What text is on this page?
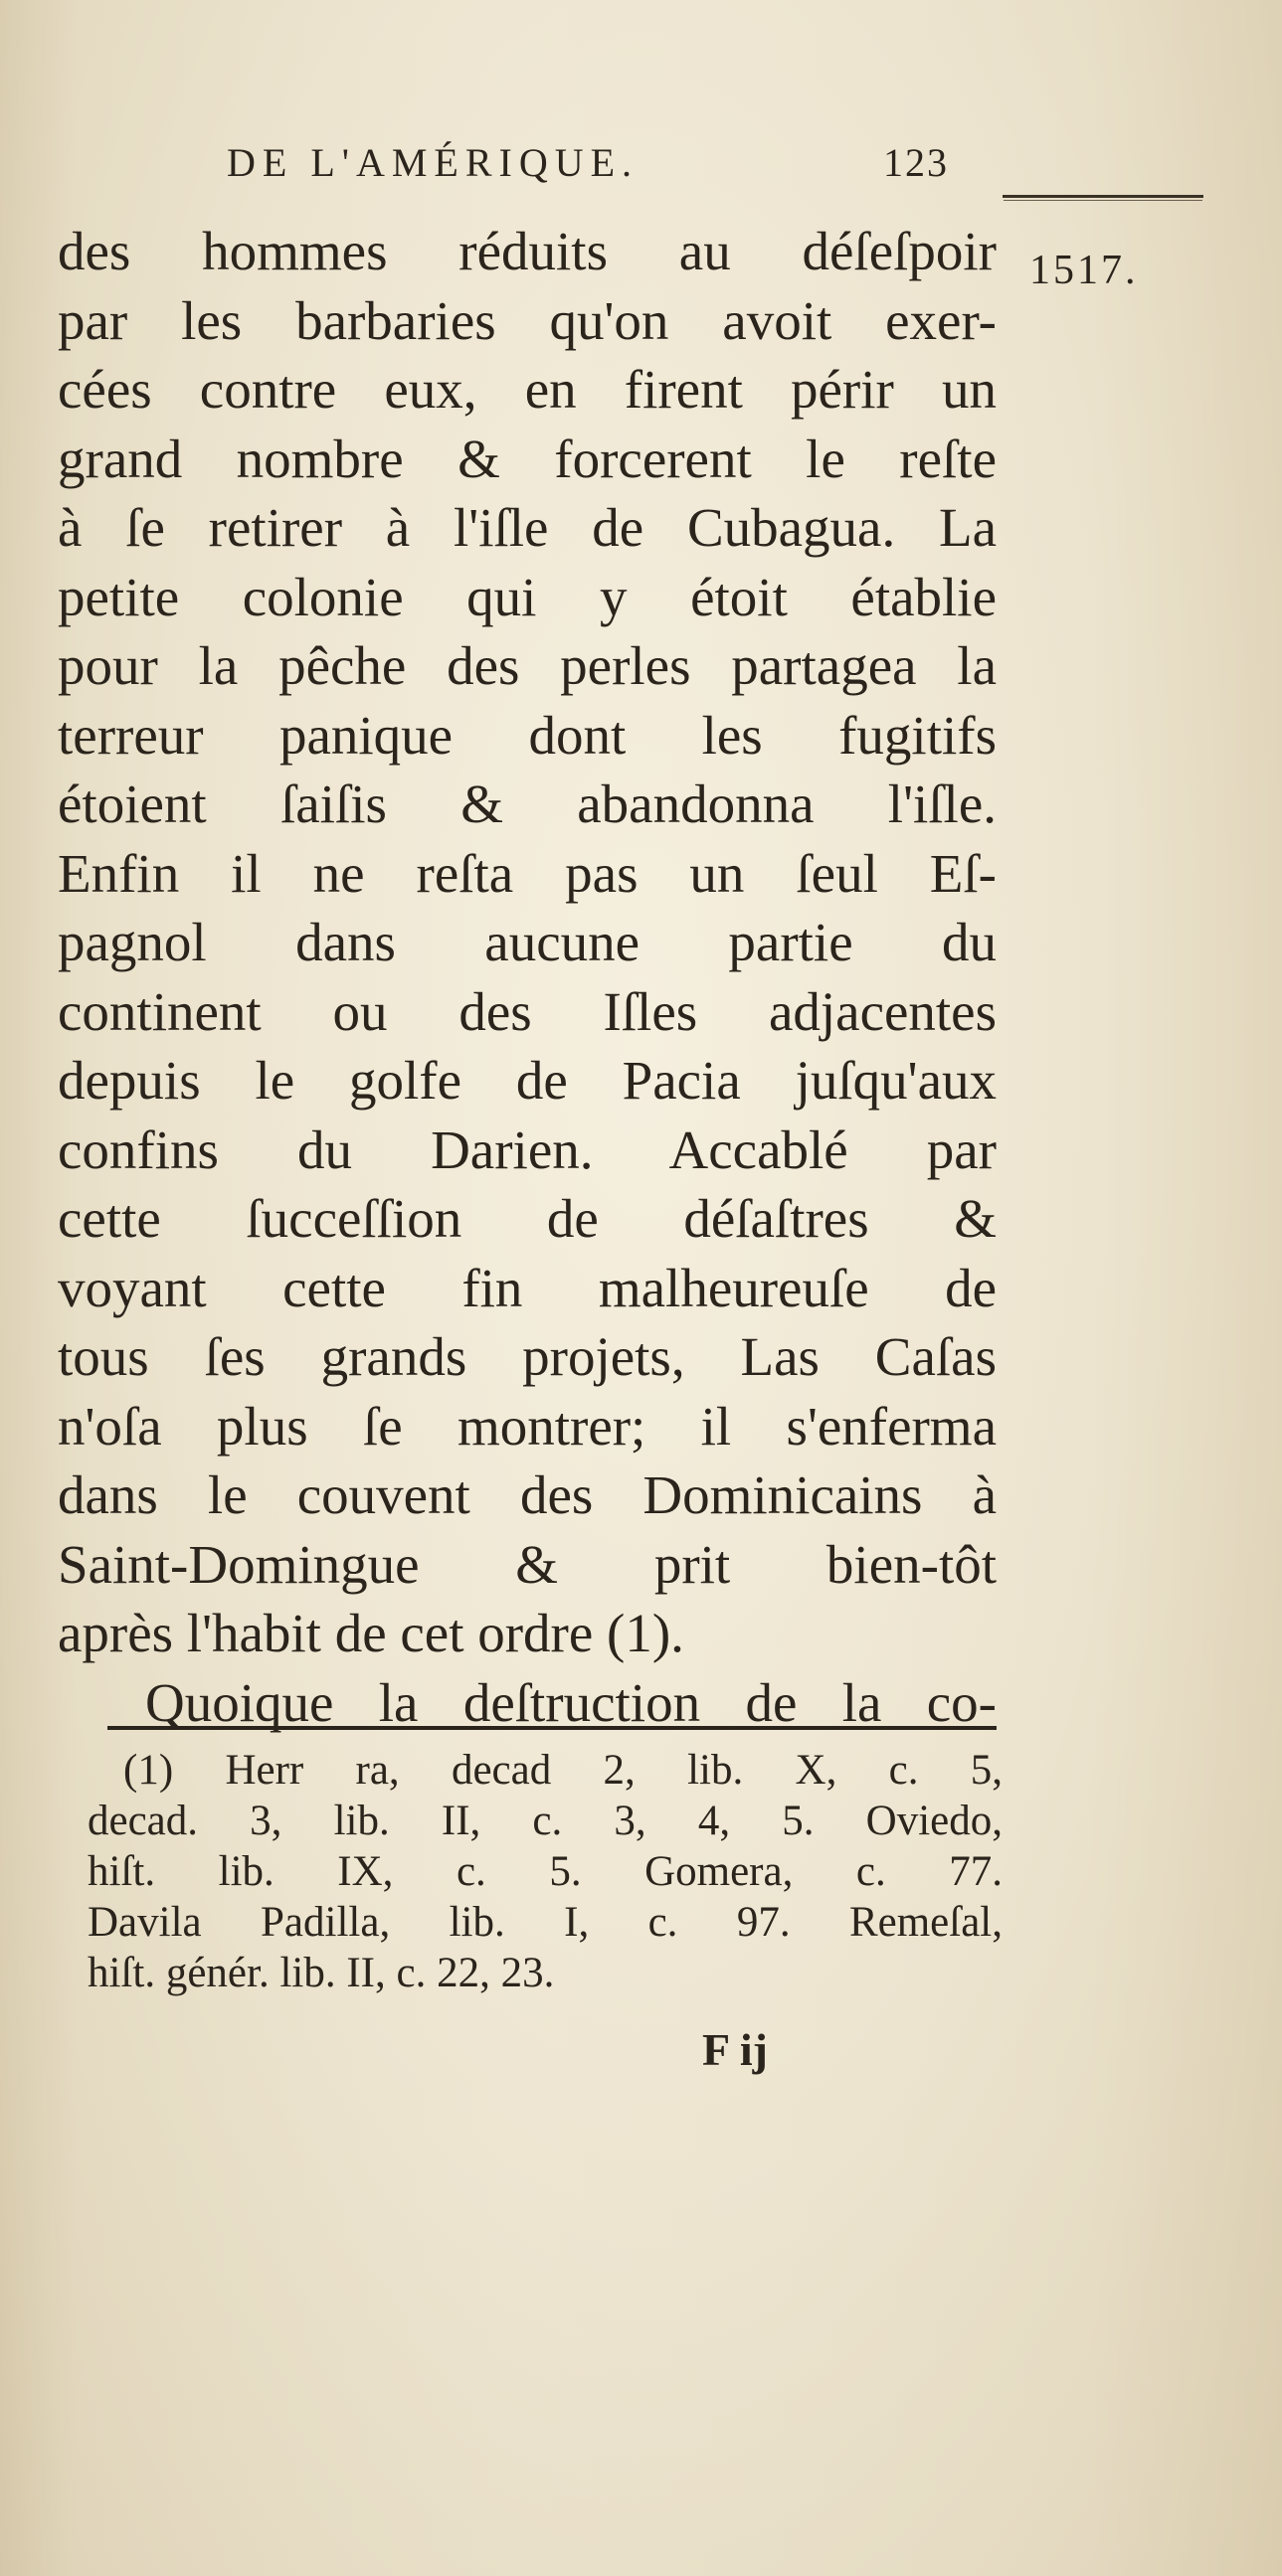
DE L'AMÉRIQUE.	123
1517.
des hommes réduits au déſeſpoir
par les barbaries qu'on avoit exer-
cées contre eux, en firent périr un
grand nombre & forcerent le reſte
à ſe retirer à l'iſle de Cubagua. La
petite colonie qui y étoit établie
pour la pêche des perles partagea la
terreur panique dont les fugitifs
étoient ſaiſis & abandonna l'iſle.
Enfin il ne reſta pas un ſeul Eſ-
pagnol dans aucune partie du
continent ou des Iſles adjacentes
depuis le golfe de Pacia juſqu'aux
confins du Darien. Accablé par
cette ſucceſſion de déſaſtres &
voyant cette fin malheureuſe de
tous ſes grands projets, Las Caſas
n'oſa plus ſe montrer; il s'enferma
dans le couvent des Dominicains à
Saint-Domingue & prit bien-tôt
après l'habit de cet ordre (1).
Quoique la deſtruction de la co-
(1) Herr ra, decad 2, lib. X, c. 5,
decad. 3, lib. II, c. 3, 4, 5. Oviedo,
hiſt. lib. IX, c. 5. Gomera, c. 77.
Davila Padilla, lib. I, c. 97. Remeſal,
hiſt. génér. lib. II, c. 22, 23.
F ij
